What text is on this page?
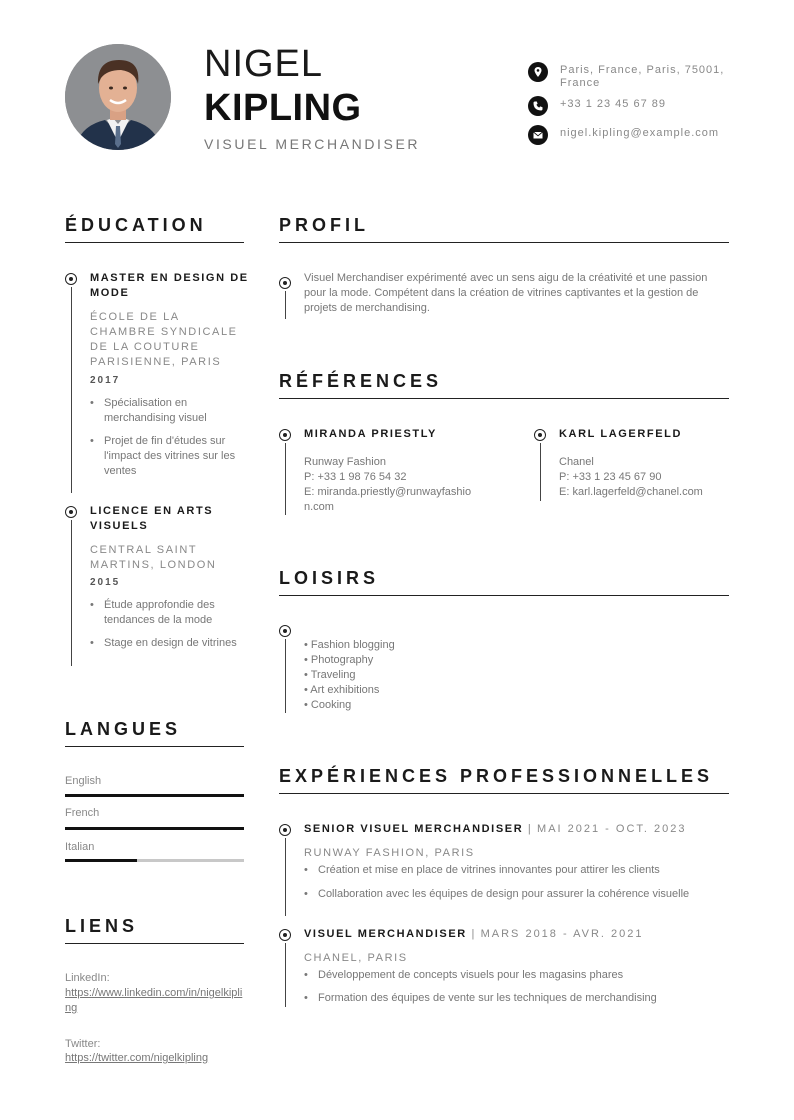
NIGEL
KIPLING
VISUEL MERCHANDISER
Paris, France, Paris, 75001, France
+33 1 23 45 67 89
nigel.kipling@example.com
ÉDUCATION
MASTER EN DESIGN DE MODE
ÉCOLE DE LA CHAMBRE SYNDICALE DE LA COUTURE PARISIENNE, PARIS
2017
• Spécialisation en merchandising visuel
• Projet de fin d'études sur l'impact des vitrines sur les ventes
LICENCE EN ARTS VISUELS
CENTRAL SAINT MARTINS, LONDON
2015
• Étude approfondie des tendances de la mode
• Stage en design de vitrines
LANGUES
English
French
Italian
LIENS
LinkedIn:
https://www.linkedin.com/in/nigelkipling
Twitter:
https://twitter.com/nigelkipling
PROFIL
Visuel Merchandiser expérimenté avec un sens aigu de la créativité et une passion pour la mode. Compétent dans la création de vitrines captivantes et la gestion de projets de merchandising.
RÉFÉRENCES
MIRANDA PRIESTLY
Runway Fashion
P: +33 1 98 76 54 32
E: miranda.priestly@runwayfashion.com
KARL LAGERFELD
Chanel
P: +33 1 23 45 67 90
E: karl.lagerfeld@chanel.com
LOISIRS
• Fashion blogging
• Photography
• Traveling
• Art exhibitions
• Cooking
EXPÉRIENCES PROFESSIONNELLES
SENIOR VISUEL MERCHANDISER | MAI 2021 - OCT. 2023
RUNWAY FASHION, PARIS
• Création et mise en place de vitrines innovantes pour attirer les clients
• Collaboration avec les équipes de design pour assurer la cohérence visuelle
VISUEL MERCHANDISER | MARS 2018 - AVR. 2021
CHANEL, PARIS
• Développement de concepts visuels pour les magasins phares
• Formation des équipes de vente sur les techniques de merchandising
